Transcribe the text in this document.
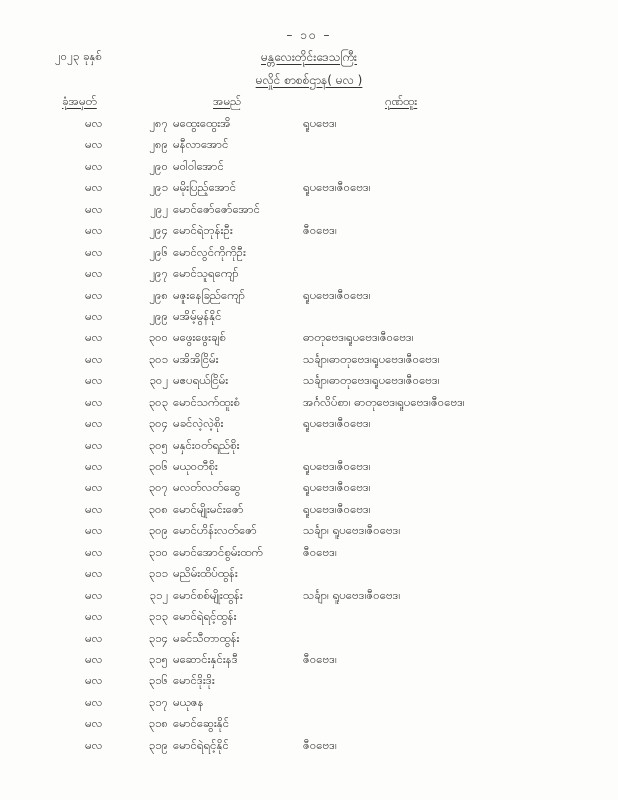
– ၁၀ –
၂၀၂၃ ခုနှစ်	မန္တလေးတိုင်းဒေသကြီး
မလှိုင် စာစစ်ဌာန( မလ )
ခုံအမှတ်	အမည်	ဂုဏ်ထူး
မလ	၂၈၇ မထွေးထွေးအိ	ရူပဗေဒ၊
မလ	၂၈၉ မနီလာအောင်
မလ	၂၉၀ မဝါဝါအောင်
မလ	၂၉၁ မမိုးပြည့်အောင်	ရူပဗေဒ၊ဇီဝဗေဒ၊
မလ	၂၉၂ မောင်ဇော်ဇော်အောင်
မလ	၂၉၄ မောင်ရဲဘုန်းဦး	ဇီဝဗေဒ၊
မလ	၂၉၆ မောင်လွင်ကိုကိုဦး
မလ	၂၉၇ မောင်သူရကျော်
မလ	၂၉၈ မဇူးနေခြည်ကျော်	ရူပဗေဒ၊ဇီဝဗေဒ၊
မလ	၂၉၉ မအိမ့်မွန်နိုင်
မလ	၃၀၀ မဖွေးဖွေးချစ်	ဓာတုဗေဒ၊ရူပဗေဒ၊ဇီဝဗေဒ၊
မလ	၃၀၁ မအိအိငြိမ်း	သင်္ချာ၊ဓာတုဗေဒ၊ရူပဗေဒ၊ဇီဝဗေဒ၊
မလ	၃၀၂ မဧပရယ်ငြိမ်း	သင်္ချာ၊ဓာတုဗေဒ၊ရူပဗေဒ၊ဇီဝဗေဒ၊
မလ	၃၀၃ မောင်သက်ထူးစံ	အင်္ဂလိပ်စာ၊ ဓာတုဗေဒ၊ရူပဗေဒ၊ဇီဝဗေဒ၊
မလ	၃၀၄ မခင်လဲ့လဲ့စိုး	ရူပဗေဒ၊ဇီဝဗေဒ၊
မလ	၃၀၅ မနှင်းဝတ်ရည်စိုး
မလ	၃၀၆ မယုဝတီစိုး	ရူပဗေဒ၊ဇီဝဗေဒ၊
မလ	၃၀၇ မလတ်လတ်ဆွေ	ရူပဗေဒ၊ဇီဝဗေဒ၊
မလ	၃၀၈ မောင်မျိုးမင်းဇော်	ရူပဗေဒ၊ဇီဝဗေဒ၊
မလ	၃၀၉ မောင်ဟိန်းလတ်ဇော်	သင်္ချာ၊ ရူပဗေဒ၊ဇီဝဗေဒ၊
မလ	၃၁၀ မောင်အောင်စွမ်းထက်	ဇီဝဗေဒ၊
မလ	၃၁၁ မညိမ်းထိပ်ထွန်း
မလ	၃၁၂ မောင်စစ်မျိုးထွန်း	သင်္ချာ၊ ရူပဗေဒ၊ဇီဝဗေဒ၊
မလ	၃၁၃ မောင်ရဲရင့်ထွန်း
မလ	၃၁၄ မခင်သီတာထွန်း
မလ	၃၁၅ မဆောင်းနှင်းနဒီ	ဇီဝဗေဒ၊
မလ	၃၁၆ မောင်ဒိုးဒိုး
မလ	၃၁၇ မယုဇန
မလ	၃၁၈ မောင်ဆွေးနိုင်
မလ	၃၁၉ မောင်ရဲရင့်နိုင်	ဇီဝဗေဒ၊
